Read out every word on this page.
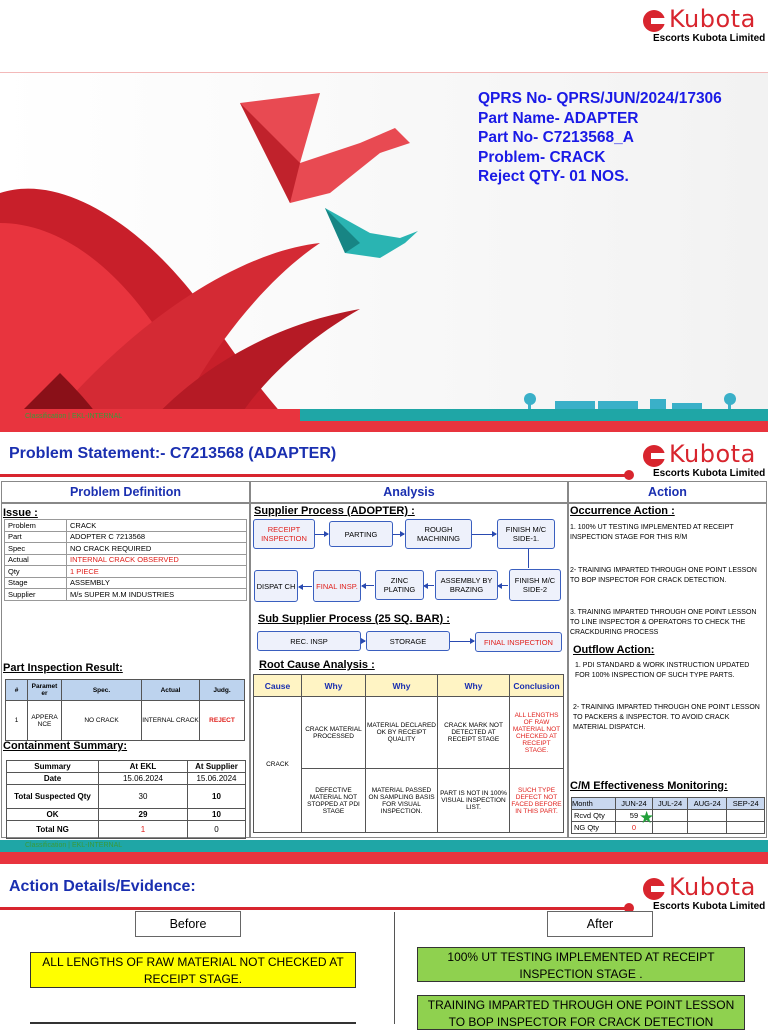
Kubota
Escorts Kubota Limited
QPRS No- QPRS/JUN/2024/17306
Part Name- ADAPTER
Part No- C7213568_A
Problem- CRACK
Reject QTY- 01 NOS.
Classification | EKL-INTERNAL
Problem Statement:- C7213568 (ADAPTER)	Kubota
Escorts Kubota Limited
Problem Definition	Analysis	Action
Issue :
Problem	CRACK
Part	ADOPTER C 7213568
Spec	NO CRACK REQUIRED
Actual	INTERNAL CRACK OBSERVED
Qty	1 PIECE
Stage	ASSEMBLY
Supplier	M/s SUPER M.M INDUSTRIES
Part Inspection Result:
#	Paramet er	Spec.	Actual	Judg.
1	APPERA NCE	NO CRACK	INTERNAL CRACK	REJECT
Containment Summary:
Summary	At EKL	At Supplier
Date	15.06.2024	15.06.2024
Total Suspected Qty	30	10
OK	29	10
Total NG	1	0
Supplier Process (ADOPTER) :
RECEIPT INSPECTION	PARTING	ROUGH MACHINING
FINISH M/C SIDE-1.
FINISH M/C SIDE-2
ASSEMBLY BY BRAZING
ZINC PLATING
FINAL INSP.
DISPAT CH
Sub Supplier Process (25 SQ. BAR) :
REC. INSP	STORAGE	FINAL INSPECTION
Root Cause Analysis :
Cause	Why	Why	Why	Conclusion
CRACK	CRACK MATERIAL PROCESSED	MATERIAL DECLARED OK BY RECEIPT QUALITY	CRACK MARK NOT DETECTED AT RECEIPT STAGE	ALL LENGTHS OF RAW MATERIAL NOT CHECKED AT RECEIPT STAGE.
	DEFECTIVE MATERIAL NOT STOPPED AT PDI STAGE	MATERIAL PASSED ON SAMPLING BASIS FOR VISUAL INSPECTION.	PART IS NOT IN 100% VISUAL INSPECTION LIST.	SUCH TYPE DEFECT NOT FACED BEFORE IN THIS PART.
Occurrence Action :
1. 100% UT TESTING IMPLEMENTED AT RECEIPT INSPECTION STAGE FOR THIS R/M
2- TRAINING IMPARTED THROUGH ONE POINT LESSON TO BOP INSPECTOR FOR CRACK DETECTION.
3. TRAINING IMPARTED THROUGH ONE POINT LESSON TO LINE INSPECTOR & OPERATORS TO CHECK THE CRACKDURING PROCESS
Outflow Action:
1. PDI STANDARD & WORK INSTRUCTION UPDATED FOR 100% INSPECTION OF SUCH TYPE PARTS.
2- TRAINING IMPARTED THROUGH ONE POINT LESSON TO PACKERS & INSPECTOR. TO AVOID CRACK MATERIAL DISPATCH.
C/M Effectiveness Monitoring:
Month	JUN-24	JUL-24	AUG-24	SEP-24
Rcvd Qty	59			
NG Qty	0			
★
Classification | EKL-INTERNAL
Action Details/Evidence:	Kubota
Escorts Kubota Limited
Before	After
ALL LENGTHS OF RAW MATERIAL NOT CHECKED AT RECEIPT STAGE.
100% UT TESTING IMPLEMENTED AT RECEIPT INSPECTION STAGE .
TRAINING IMPARTED THROUGH ONE POINT LESSON TO BOP INSPECTOR FOR CRACK DETECTION
